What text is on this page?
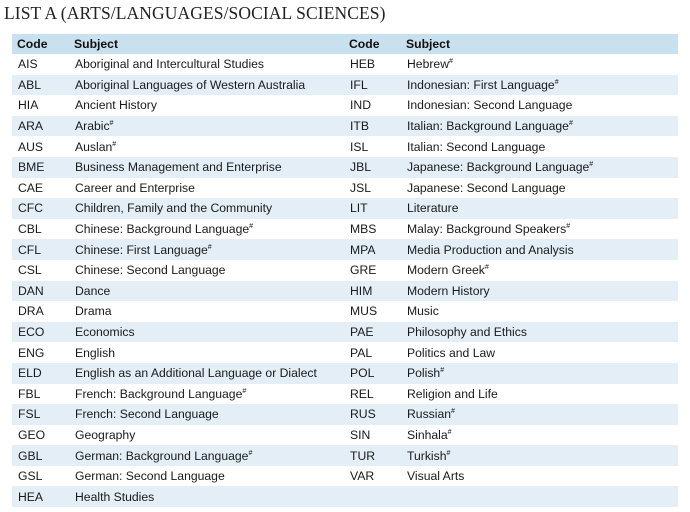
LIST A (ARTS/LANGUAGES/SOCIAL SCIENCES)
Code	Subject	Code	Subject
AIS	Aboriginal and Intercultural Studies	HEB	Hebrew#
ABL	Aboriginal Languages of Western Australia	IFL	Indonesian: First Language#
HIA	Ancient History	IND	Indonesian: Second Language
ARA	Arabic#	ITB	Italian: Background Language#
AUS	Auslan#	ISL	Italian: Second Language
BME	Business Management and Enterprise	JBL	Japanese: Background Language#
CAE	Career and Enterprise	JSL	Japanese: Second Language
CFC	Children, Family and the Community	LIT	Literature
CBL	Chinese: Background Language#	MBS	Malay: Background Speakers#
CFL	Chinese: First Language#	MPA	Media Production and Analysis
CSL	Chinese: Second Language	GRE	Modern Greek#
DAN	Dance	HIM	Modern History
DRA	Drama	MUS	Music
ECO	Economics	PAE	Philosophy and Ethics
ENG	English	PAL	Politics and Law
ELD	English as an Additional Language or Dialect	POL	Polish#
FBL	French: Background Language#	REL	Religion and Life
FSL	French: Second Language	RUS	Russian#
GEO	Geography	SIN	Sinhala#
GBL	German: Background Language#	TUR	Turkish#
GSL	German: Second Language	VAR	Visual Arts
HEA	Health Studies		
